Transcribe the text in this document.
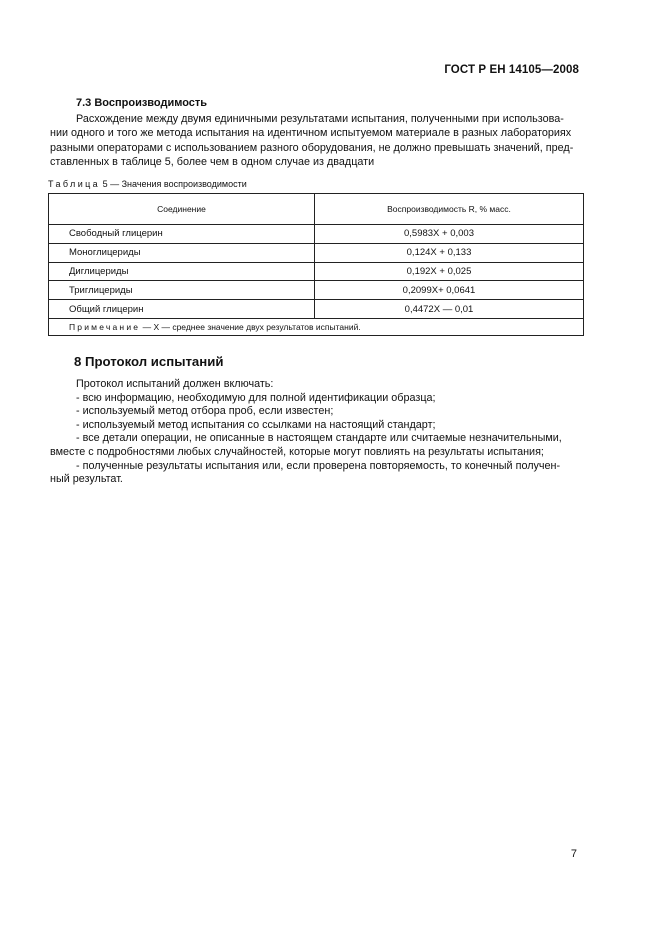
ГОСТ Р ЕН 14105—2008
7.3 Воспроизводимость
Расхождение между двумя единичными результатами испытания, полученными при использова-
нии одного и того же метода испытания на идентичном испытуемом материале в разных лабораториях
разными операторами с использованием разного оборудования, не должно превышать значений, пред-
ставленных в таблице 5, более чем в одном случае из двадцати
Таблица 5 — Значения воспроизводимости
Соединение	Воспроизводимость R, % масс.
Свободный глицерин	0,5983X + 0,003
Моноглицериды	0,124X + 0,133
Диглицериды	0,192X + 0,025
Триглицериды	0,2099X+ 0,0641
Общий глицерин	0,4472X — 0,01
Примечание — X — среднее значение двух результатов испытаний.	
8 Протокол испытаний
Протокол испытаний должен включать:
- всю информацию, необходимую для полной идентификации образца;
- используемый метод отбора проб, если известен;
- используемый метод испытания со ссылками на настоящий стандарт;
- все детали операции, не описанные в настоящем стандарте или считаемые незначительными,
вместе с подробностями любых случайностей, которые могут повлиять на результаты испытания;
- полученные результаты испытания или, если проверена повторяемость, то конечный получен-
ный результат.
7
